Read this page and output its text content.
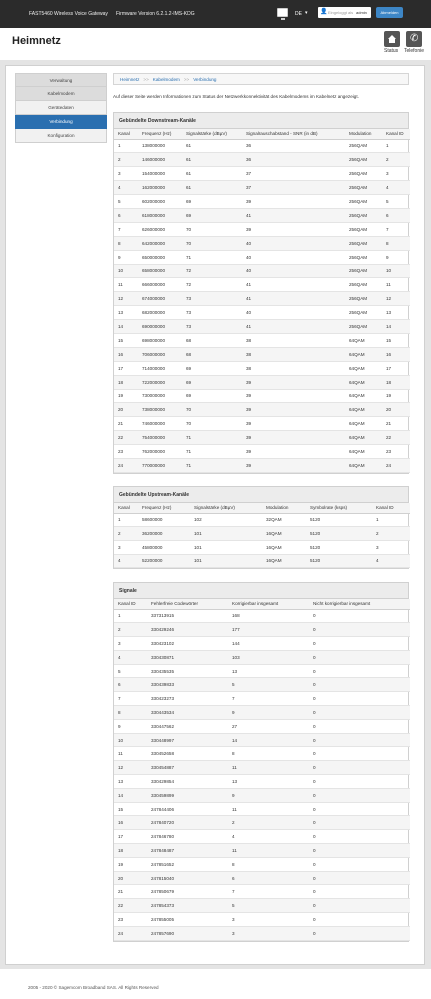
FAST5460 Wireless Voice Gateway Firmware Version 6.2.1.2-IMS-KDG	DE ▾ 👤 Eingeloggt als admin	Abmelden
Heimnetz
Status
✆
Telefonie
Verwaltung
Kabelmodem
Gerätedaten
Verbindung
Konfiguration
Heimnetz >> Kabelmodem >> Verbindung
Auf dieser Seite werden Informationen zum Status der Netzwerkkonnektivität des Kabelmodems im Kabelnetz angezeigt.
Gebündelte Downstream-Kanäle
Kanal	Frequenz (Hz)	Signalstärke (dBµV)	Signalrauschabstand - SNR (in dB)	Modulation	Kanal ID
1	138000000	61	36	256QAM	1
2	146000000	61	36	256QAM	2
3	154000000	61	37	256QAM	3
4	162000000	61	37	256QAM	4
5	602000000	69	39	256QAM	5
6	618000000	69	41	256QAM	6
7	626000000	70	39	256QAM	7
8	642000000	70	40	256QAM	8
9	650000000	71	40	256QAM	9
10	658000000	72	40	256QAM	10
11	666000000	72	41	256QAM	11
12	674000000	73	41	256QAM	12
13	682000000	73	40	256QAM	13
14	690000000	73	41	256QAM	14
15	698000000	68	38	64QAM	15
16	706000000	68	38	64QAM	16
17	714000000	69	38	64QAM	17
18	722000000	69	39	64QAM	18
19	730000000	69	39	64QAM	19
20	738000000	70	39	64QAM	20
21	746000000	70	39	64QAM	21
22	754000000	71	39	64QAM	22
23	762000000	71	39	64QAM	23
24	770000000	71	39	64QAM	24
Gebündelte Upstream-Kanäle
Kanal	Frequenz (Hz)	Signalstärke (dBµV)	Modulation	Symbolrate (ksps)	Kanal ID
1	58600000	102	32QAM	5120	1
2	36200000	101	16QAM	5120	2
3	45800000	101	16QAM	5120	3
4	52200000	101	16QAM	5120	4
Signale
Kanal ID	Fehlerfreie Codewörter	Korrigierbar insgesamt	Nicht korrigierbar insgesamt
1	337313915	168	0
2	330429246	177	0
3	330423102	144	0
4	330430871	103	0
5	330435535	13	0
6	330439833	5	0
7	330423273	7	0
8	330443534	9	0
9	330447562	27	0
10	330448997	14	0
11	330452658	8	0
12	330454887	11	0
13	330429854	13	0
14	330459899	9	0
15	247844406	11	0
16	247840720	2	0
17	247846780	4	0
18	247848487	11	0
19	247851652	8	0
20	247815040	6	0
21	247850679	7	0
22	247854373	5	0
23	247855005	3	0
24	247857690	3	0
2005 - 2020 © Sagemcom Broadband SAS. All Rights Reserved
